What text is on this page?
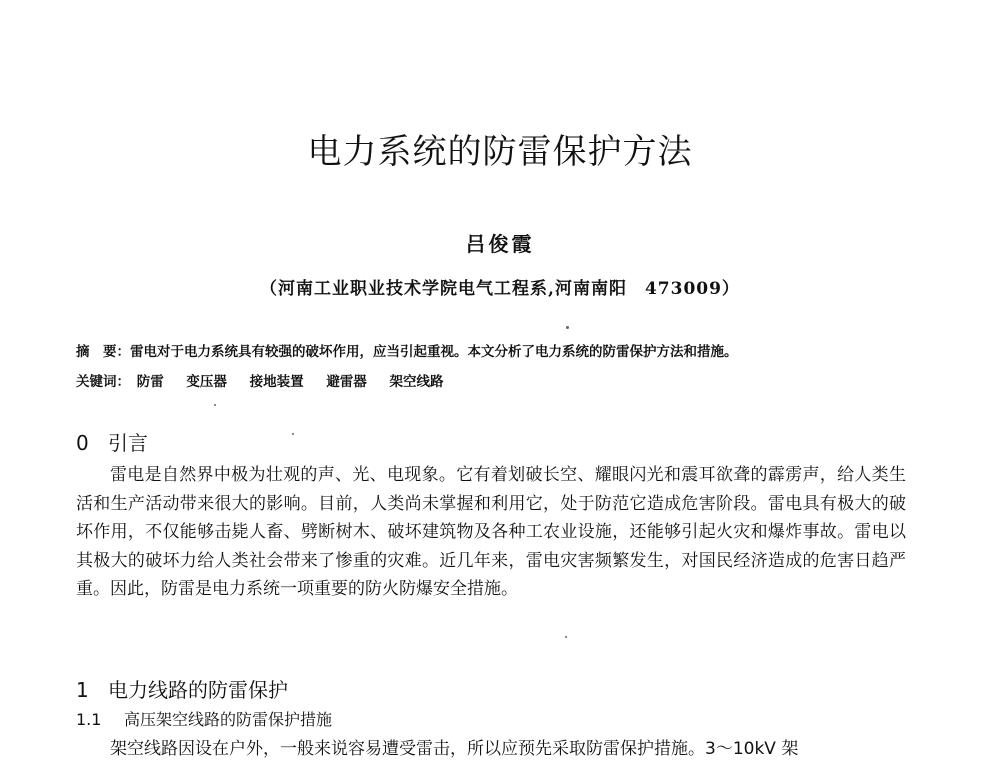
电力系统的防雷保护方法
吕俊霞
（河南工业职业技术学院电气工程系,河南南阳　473009）
摘　要：雷电对于电力系统具有较强的破坏作用，应当引起重视。本文分析了电力系统的防雷保护方法和措施。
关键词： 防雷 变压器 接地装置 避雷器 架空线路
0 引言

雷电是自然界中极为壮观的声、光、电现象。它有着划破长空、耀眼闪光和震耳欲聋的霹雳声，给人类生活和生产活动带来很大的影响。目前，人类尚未掌握和利用它，处于防范它造成危害阶段。雷电具有极大的破坏作用，不仅能够击毙人畜、劈断树木、破坏建筑物及各种工农业设施，还能够引起火灾和爆炸事故。雷电以其极大的破坏力给人类社会带来了惨重的灾难。近几年来，雷电灾害频繁发生，对国民经济造成的危害日趋严重。因此，防雷是电力系统一项重要的防火防爆安全措施。

1 电力线路的防雷保护
1.1 高压架空线路的防雷保护措施

架空线路因设在户外，一般来说容易遭受雷击，所以应预先采取防雷保护措施。3～10kV 架
